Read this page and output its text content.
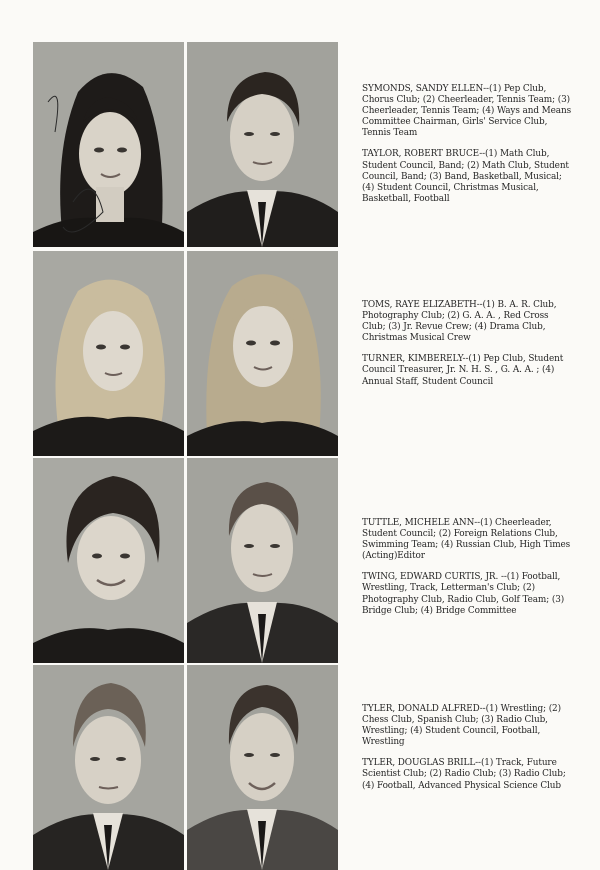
SYMONDS, SANDY ELLEN--(1) Pep Club, Chorus Club; (2) Cheerleader, Tennis Team; (3) Cheerleader, Tennis Team; (4) Ways and Means Committee Chairman, Girls' Service Club, Tennis Team

TAYLOR, ROBERT BRUCE--(1) Math Club, Student Council, Band; (2) Math Club, Student Council, Band; (3) Band, Basketball, Musical; (4) Student Council, Christmas Musical, Basketball, Football

TOMS, RAYE ELIZABETH--(1) B. A. R. Club, Photography Club; (2) G. A. A. , Red Cross Club; (3) Jr. Revue Crew; (4) Drama Club, Christmas Musical Crew

TURNER, KIMBERELY--(1) Pep Club, Student Council Treasurer, Jr. N. H. S. , G. A. A. ; (4) Annual Staff, Student Council

TUTTLE, MICHELE ANN--(1) Cheerleader, Student Council; (2) Foreign Relations Club, Swimming Team; (4) Russian Club, High Times (Acting)Editor

TWING, EDWARD CURTIS, JR. --(1) Football, Wrestling, Track, Letterman's Club; (2) Photography Club, Radio Club, Golf Team; (3) Bridge Club; (4) Bridge Committee

TYLER, DONALD ALFRED--(1) Wrestling; (2) Chess Club, Spanish Club; (3) Radio Club, Wrestling; (4) Student Council, Football, Wrestling

TYLER, DOUGLAS BRILL--(1) Track, Future Scientist Club; (2) Radio Club; (3) Radio Club; (4) Football, Advanced Physical Science Club
